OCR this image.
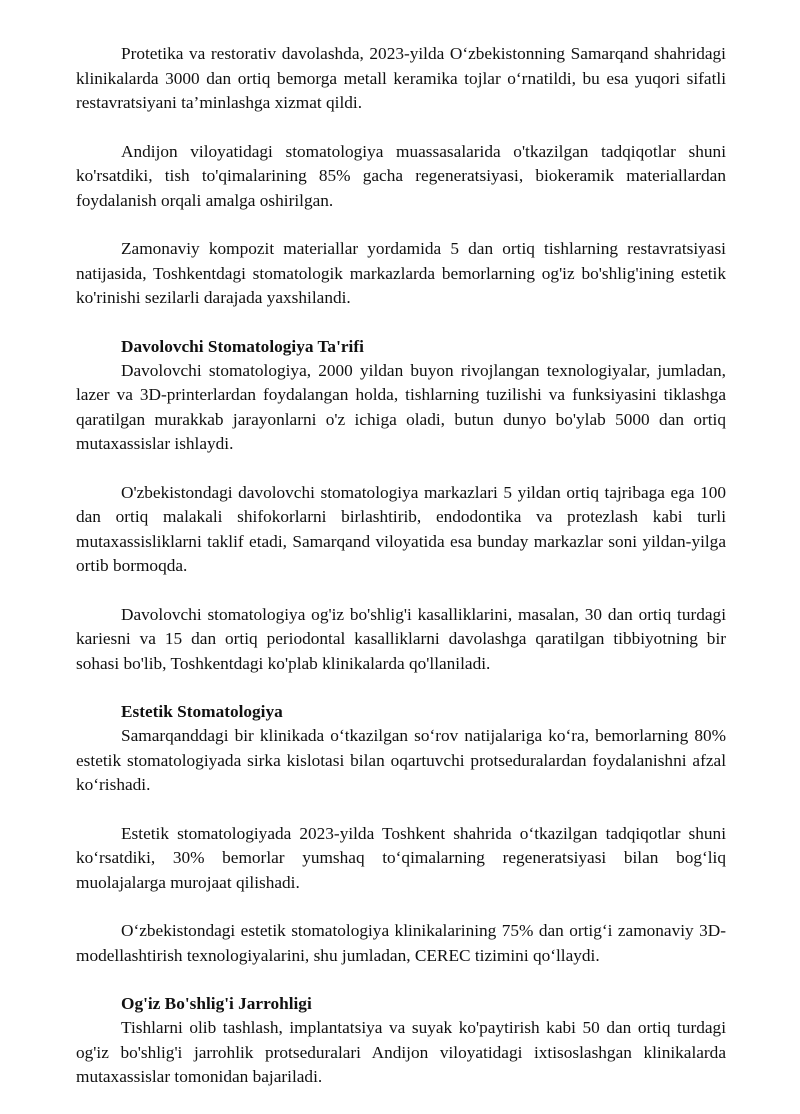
Protetika va restorativ davolashda, 2023-yilda O‘zbekistonning Samarqand shahridagi klinikalarda 3000 dan ortiq bemorga metall keramika tojlar o‘rnatildi, bu esa yuqori sifatli restavratsiyani ta’minlashga xizmat qildi.

Andijon viloyatidagi stomatologiya muassasalarida o'tkazilgan tadqiqotlar shuni ko'rsatdiki, tish to'qimalarining 85% gacha regeneratsiyasi, biokeramik materiallardan foydalanish orqali amalga oshirilgan.

Zamonaviy kompozit materiallar yordamida 5 dan ortiq tishlarning restavratsiyasi natijasida, Toshkentdagi stomatologik markazlarda bemorlarning og'iz bo'shlig'ining estetik ko'rinishi sezilarli darajada yaxshilandi.

Davolovchi Stomatologiya Ta'rifi

Davolovchi stomatologiya, 2000 yildan buyon rivojlangan texnologiyalar, jumladan, lazer va 3D-printerlardan foydalangan holda, tishlarning tuzilishi va funksiyasini tiklashga qaratilgan murakkab jarayonlarni o'z ichiga oladi, butun dunyo bo'ylab 5000 dan ortiq mutaxassislar ishlaydi.

O'zbekistondagi davolovchi stomatologiya markazlari 5 yildan ortiq tajribaga ega 100 dan ortiq malakali shifokorlarni birlashtirib, endodontika va protezlash kabi turli mutaxassisliklarni taklif etadi, Samarqand viloyatida esa bunday markazlar soni yildan-yilga ortib bormoqda.

Davolovchi stomatologiya og'iz bo'shlig'i kasalliklarini, masalan, 30 dan ortiq turdagi kariesni va 15 dan ortiq periodontal kasalliklarni davolashga qaratilgan tibbiyotning bir sohasi bo'lib, Toshkentdagi ko'plab klinikalarda qo'llaniladi.

Estetik Stomatologiya

Samarqanddagi bir klinikada o‘tkazilgan so‘rov natijalariga ko‘ra, bemorlarning 80% estetik stomatologiyada sirka kislotasi bilan oqartuvchi protseduralardan foydalanishni afzal ko‘rishadi.

Estetik stomatologiyada 2023-yilda Toshkent shahrida o‘tkazilgan tadqiqotlar shuni ko‘rsatdiki, 30% bemorlar yumshaq to‘qimalarning regeneratsiyasi bilan bog‘liq muolajalarga murojaat qilishadi.

O‘zbekistondagi estetik stomatologiya klinikalarining 75% dan ortig‘i zamonaviy 3D-modellashtirish texnologiyalarini, shu jumladan, CEREC tizimini qo‘llaydi.

Og'iz Bo'shlig'i Jarrohligi

Tishlarni olib tashlash, implantatsiya va suyak ko'paytirish kabi 50 dan ortiq turdagi og'iz bo'shlig'i jarrohlik protseduralari Andijon viloyatidagi ixtisoslashgan klinikalarda mutaxassislar tomonidan bajariladi.
